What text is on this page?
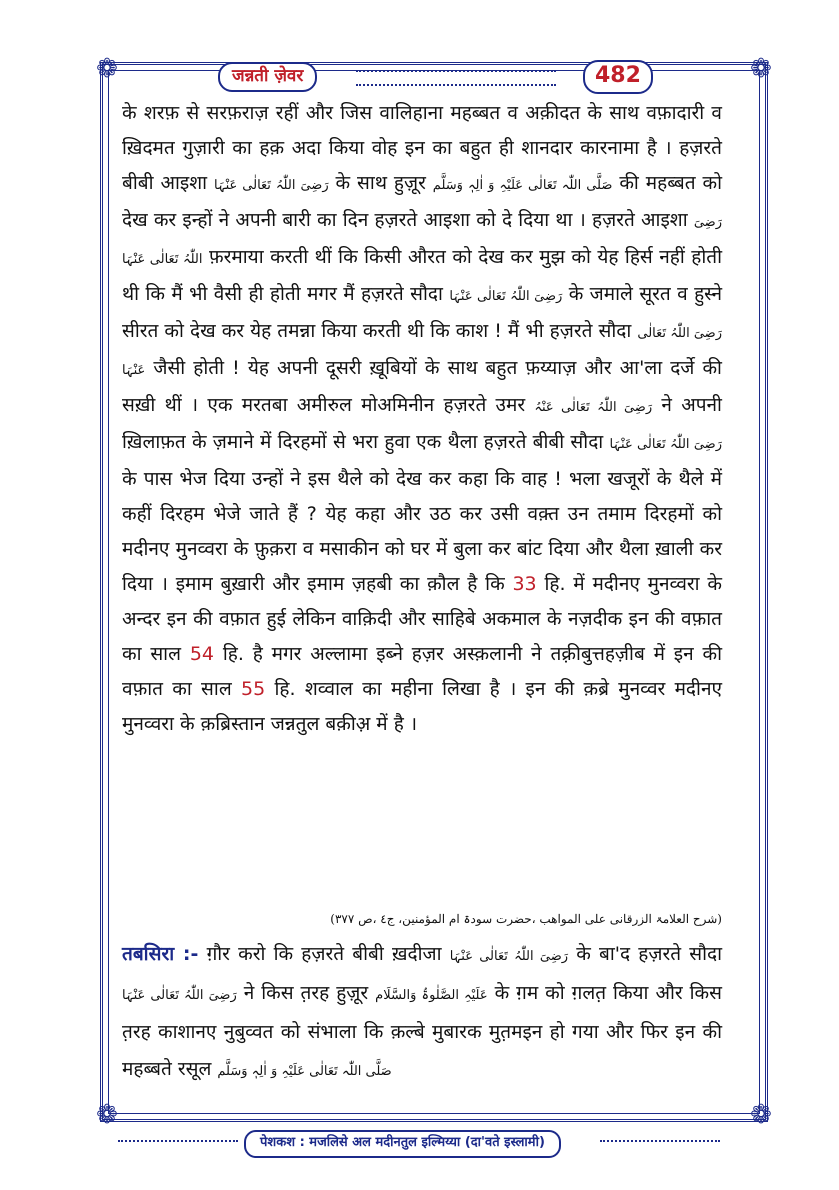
❁	❁
❁	❁
जन्नती ज़ेवर	482

के शरफ़ से सरफ़राज़ रहीं और जिस वालिहाना महब्बत व अक़ीदत के साथ वफ़ादारी व ख़िदमत गुज़ारी का हक़ अदा किया वोह इन का बहुत ही शानदार कारनामा है । हज़रते बीबी आइशा رَضِیَ اللّٰہُ تَعَالٰی عَنْہَا के साथ हुज़ूर صَلَّی اللّٰہ تَعَالٰی عَلَیْہِ وَ اٰلِہٖ وَسَلَّم की महब्बत को देख कर इन्हों ने अपनी बारी का दिन हज़रते आइशा को दे दिया था । हज़रते आइशा رَضِیَ اللّٰہُ تَعَالٰی عَنْہَا फ़रमाया करती थीं कि किसी औरत को देख कर मुझ को येह हिर्स नहीं होती थी कि मैं भी वैसी ही होती मगर मैं हज़रते सौदा رَضِیَ اللّٰہُ تَعَالٰی عَنْہَا के जमाले सूरत व हुस्ने सीरत को देख कर येह तमन्ना किया करती थी कि काश ! मैं भी हज़रते सौदा رَضِیَ اللّٰہُ تَعَالٰی عَنْہَا जैसी होती ! येह अपनी दूसरी ख़ूबियों के साथ बहुत फ़य्याज़ और आ'ला दर्जे की सख़ी थीं । एक मरतबा अमीरुल मोअमिनीन हज़रते उमर رَضِیَ اللّٰہُ تَعَالٰی عَنْہُ ने अपनी ख़िलाफ़त के ज़माने में दिरहमों से भरा हुवा एक थैला हज़रते बीबी सौदा رَضِیَ اللّٰہُ تَعَالٰی عَنْہَا के पास भेज दिया उन्हों ने इस थैले को देख कर कहा कि वाह ! भला खजूरों के थैले में कहीं दिरहम भेजे जाते हैं ? येह कहा और उठ कर उसी वक़्त उन तमाम दिरहमों को मदीनए मुनव्वरा के फ़ुक़रा व मसाकीन को घर में बुला कर बांट दिया और थैला ख़ाली कर दिया । इमाम बुख़ारी और इमाम ज़हबी का क़ौल है कि 33 हि. में मदीनए मुनव्वरा के अन्दर इन की वफ़ात हुई लेकिन वाक़िदी और साहिबे अकमाल के नज़दीक इन की वफ़ात का साल 54 हि. है मगर अल्लामा इब्ने हज़र अस्क़लानी ने तक़्रीबुत्तहज़ीब में इन की वफ़ात का साल 55 हि. शव्वाल का महीना लिखा है । इन की क़ब्रे मुनव्वर मदीनए मुनव्वरा के क़ब्रिस्तान जन्नतुल बक़ीअ़ में है ।

(شرح العلامۃ الزرقانی علی المواھب ،حضرت سودۃ ام المؤمنین، ج٤ ،ص ٣٧٧)

तबसिरा :- ग़ौर करो कि हज़रते बीबी ख़दीजा رَضِیَ اللّٰہُ تَعَالٰی عَنْہَا के बा'द हज़रते सौदा رَضِیَ اللّٰہُ تَعَالٰی عَنْہَا ने किस त़रह हुज़ूर عَلَیْہِ الصَّلٰوۃُ وَالسَّلَام के ग़म को ग़लत़ किया और किस त़रह काशानए नुबुव्वत को संभाला कि क़ल्बे मुबारक मुत़मइन हो गया और फिर इन की महब्बते रसूल صَلَّی اللّٰہ تَعَالٰی عَلَیْہِ وَ اٰلِہٖ وَسَلَّم

पेशकश : मजलिसे अल मदीनतुल इल्मिय्या (दा'वते इस्लामी)
